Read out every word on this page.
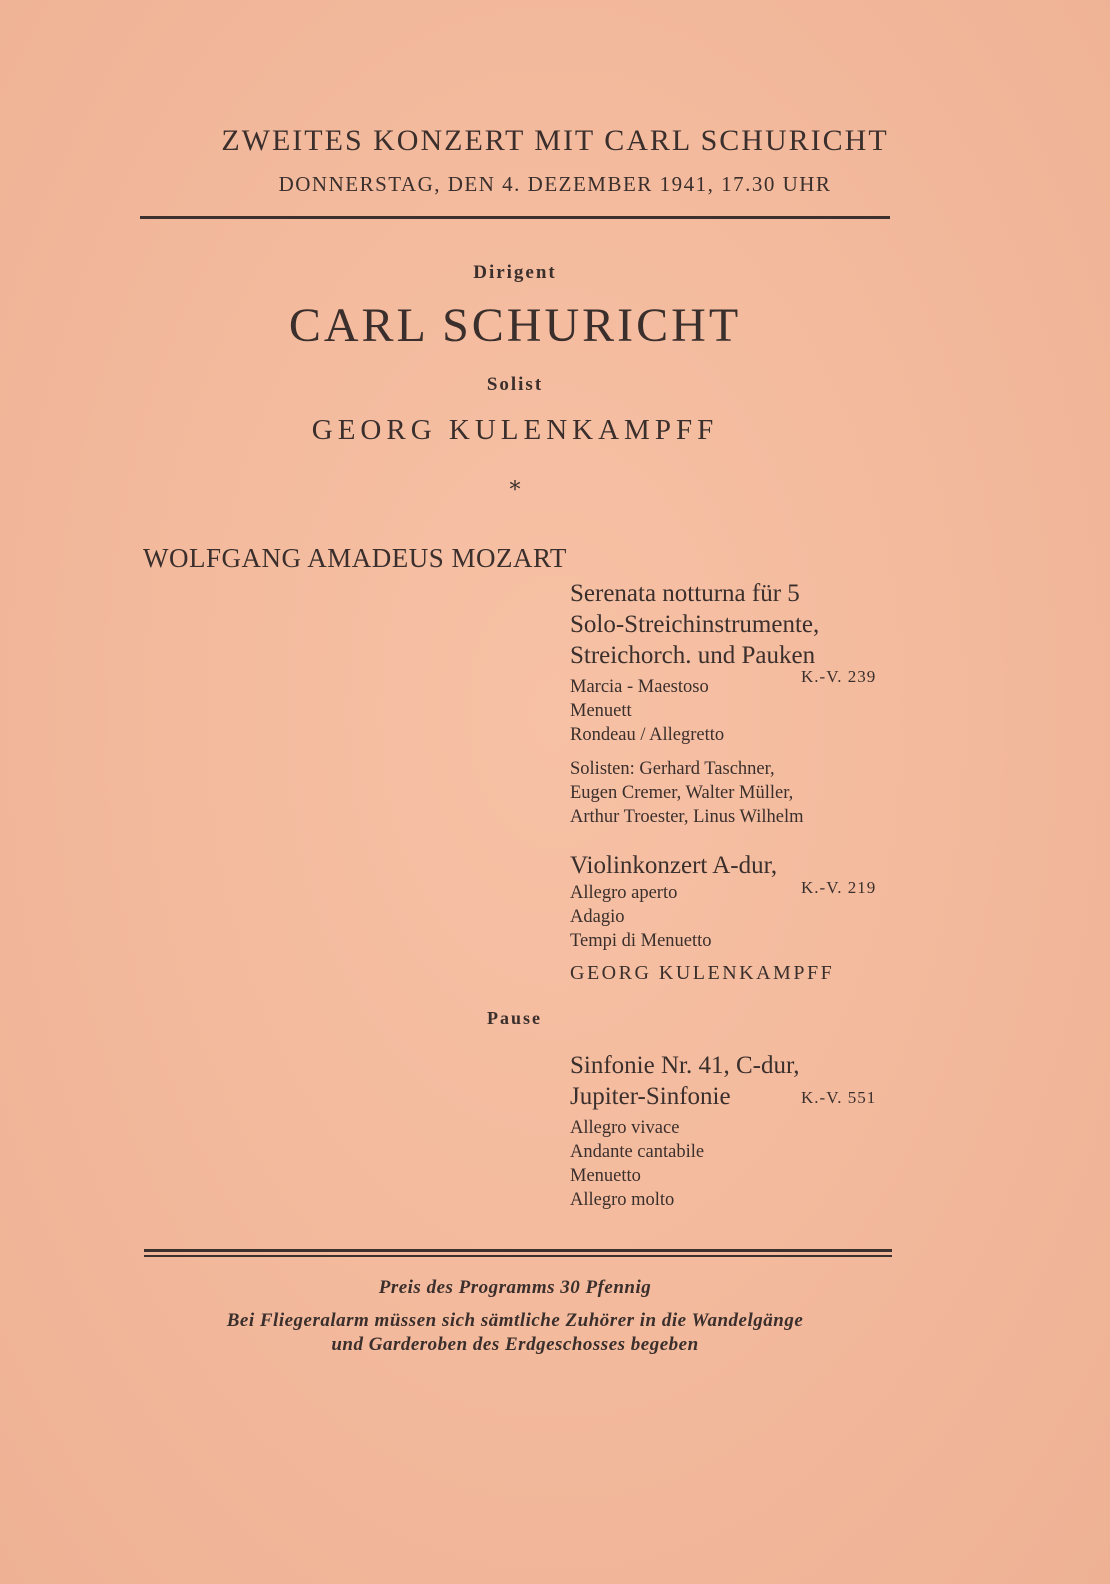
ZWEITES KONZERT MIT CARL SCHURICHT
DONNERSTAG, DEN 4. DEZEMBER 1941, 17.30 UHR
Dirigent
CARL SCHURICHT
Solist
GEORG KULENKAMPFF
*
WOLFGANG AMADEUS MOZART
Serenata notturna für 5
Solo-Streichinstrumente,
Streichorch. und Pauken
Marcia - Maestoso
Menuett
Rondeau / Allegretto
Solisten: Gerhard Taschner,
Eugen Cremer, Walter Müller,
Arthur Troester, Linus Wilhelm
K.-V. 239
Violinkonzert A-dur,
Allegro aperto
Adagio
Tempi di Menuetto
K.-V. 219
GEORG KULENKAMPFF
Pause
Sinfonie Nr. 41, C-dur,
Jupiter-Sinfonie
Allegro vivace
Andante cantabile
Menuetto
Allegro molto
K.-V. 551
Preis des Programms 30 Pfennig
Bei Fliegeralarm müssen sich sämtliche Zuhörer in die Wandelgänge
und Garderoben des Erdgeschosses begeben
